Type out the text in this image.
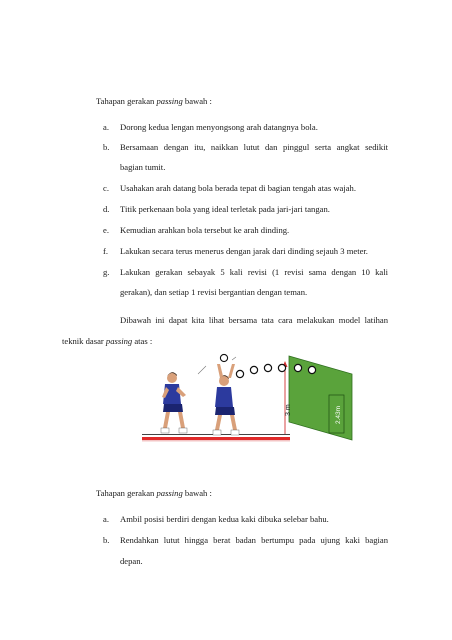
Tahapan gerakan passing bawah :
a. Dorong kedua lengan menyongsong arah datangnya bola.
b. Bersamaan dengan itu, naikkan lutut dan pinggul serta angkat sedikit
bagian tumit.
c. Usahakan arah datang bola berada tepat di bagian tengah atas wajah.
d. Titik perkenaan bola yang ideal terletak pada jari-jari tangan.
e. Kemudian arahkan bola tersebut ke arah dinding.
f. Lakukan secara terus menerus dengan jarak dari dinding sejauh 3 meter.
g. Lakukan gerakan sebayak 5 kali revisi (1 revisi sama dengan 10 kali
gerakan), dan setiap 1 revisi bergantian dengan teman.
Dibawah ini dapat kita lihat bersama tata cara melakukan model latihan
teknik dasar passing atas :
2.43m
3 m
Tahapan gerakan passing bawah :
a. Ambil posisi berdiri dengan kedua kaki dibuka selebar bahu.
b. Rendahkan lutut hingga berat badan bertumpu pada ujung kaki bagian
depan.
